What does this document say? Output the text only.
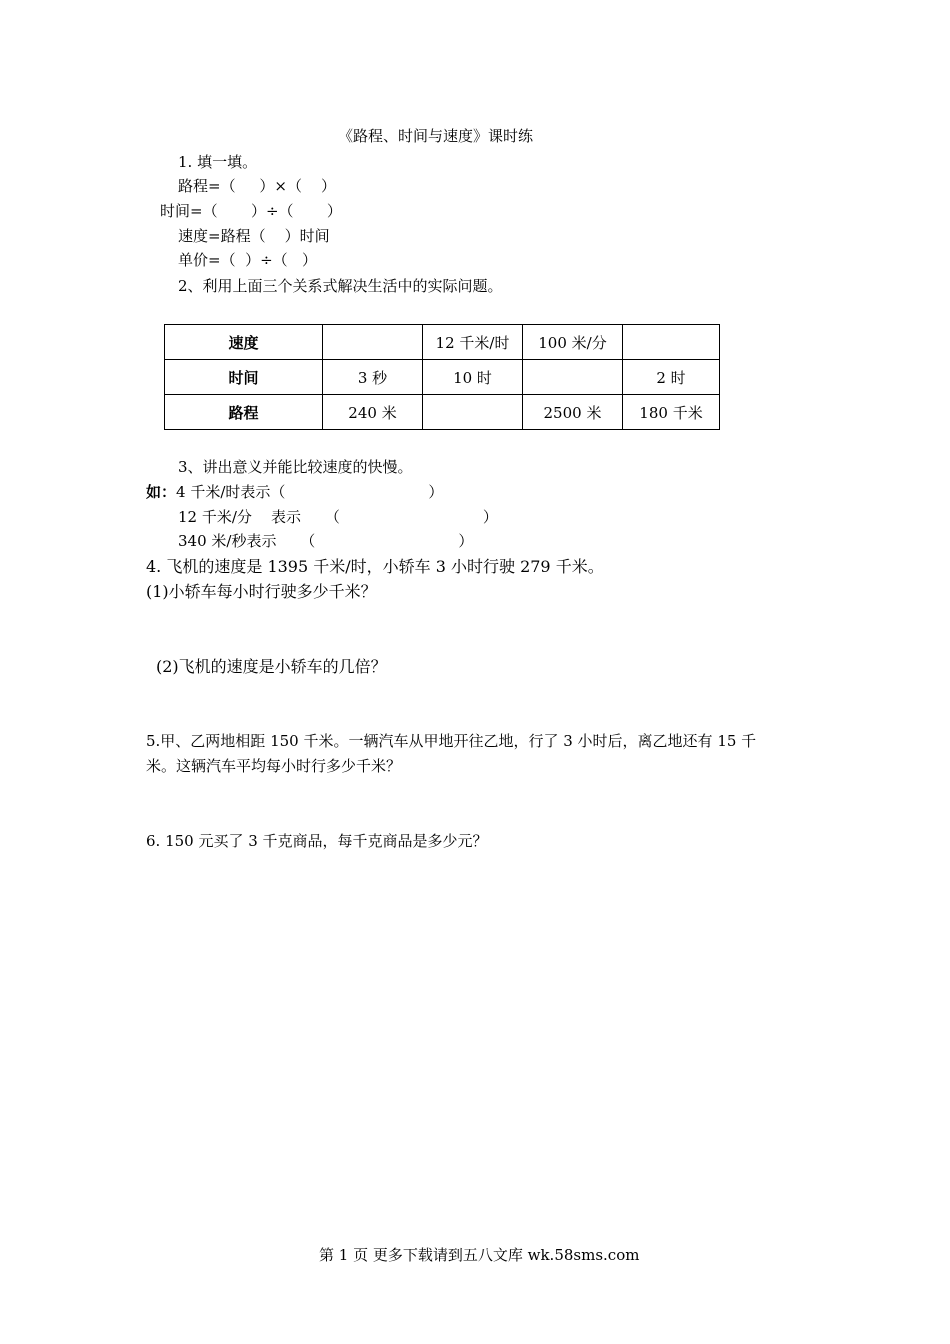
《路程、时间与速度》课时练
1. 填一填。
路程=（     ）×（    ）
时间=（       ）÷（       ）
速度=路程（    ）时间
单价=（  ）÷（   ）
2、利用上面三个关系式解决生活中的实际问题。
速度		12 千米/时	100 米/分	
时间	3 秒	10 时		2 时
路程	240 米		2500 米	180 千米
3、讲出意义并能比较速度的快慢。
如：4 千米/时表示（                              ）
12 千米/分    表示     （                              ）
340 米/秒表示     （                              ）
4. 飞机的速度是 1395 千米/时，小轿车 3 小时行驶 279 千米。
(1)小轿车每小时行驶多少千米？
(2)飞机的速度是小轿车的几倍？
5.甲、乙两地相距 150 千米。一辆汽车从甲地开往乙地，行了 3 小时后，离乙地还有 15 千
米。这辆汽车平均每小时行多少千米？
6. 150 元买了 3 千克商品，每千克商品是多少元？
第 1 页 更多下载请到五八文库 wk.58sms.com
